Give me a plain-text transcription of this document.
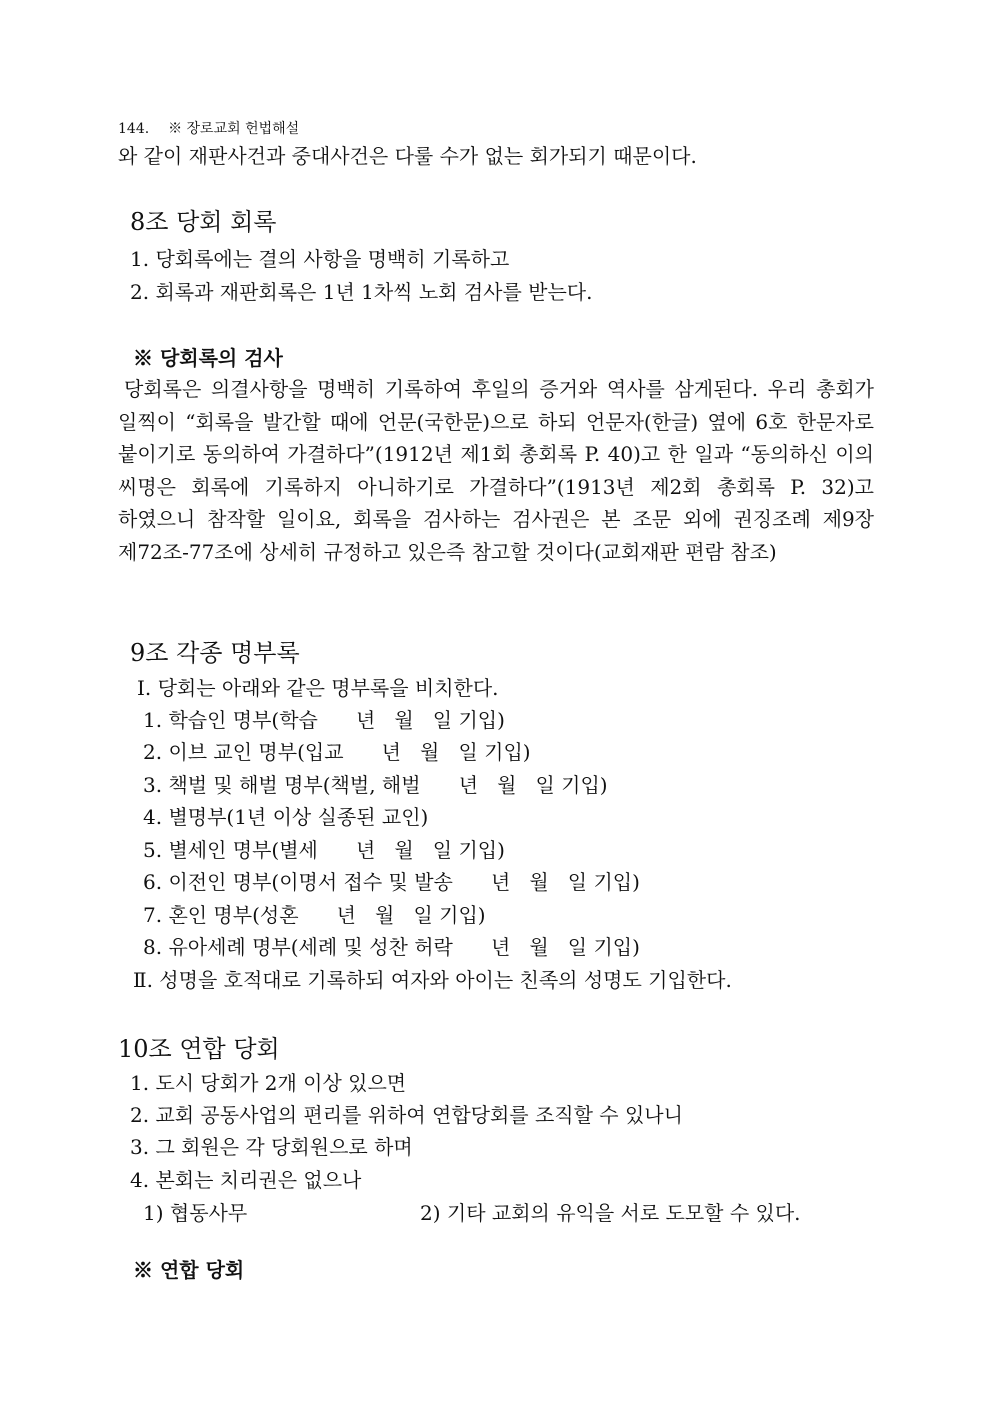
144. ※ 장로교회 헌법해설
와 같이 재판사건과 중대사건은 다룰 수가 없는 회가되기 때문이다.
8조 당회 회록
1. 당회록에는 결의 사항을 명백히 기록하고
2. 회록과 재판회록은 1년 1차씩 노회 검사를 받는다.
※ 당회록의 검사
당회록은 의결사항을 명백히 기록하여 후일의 증거와 역사를 삼게된다. 우리 총회가 일찍이 “회록을 발간할 때에 언문(국한문)으로 하되 언문자(한글) 옆에 6호 한문자로 붙이기로 동의하여 가결하다”(1912년 제1회 총회록 P. 40)고 한 일과 “동의하신 이의 씨명은 회록에 기록하지 아니하기로 가결하다”(1913년 제2회 총회록 P. 32)고 하였으니 참작할 일이요, 회록을 검사하는 검사권은 본 조문 외에 권징조례 제9장 제72조-77조에 상세히 규정하고 있은즉 참고할 것이다(교회재판 편람 참조)
9조 각종 명부록
Ⅰ. 당회는 아래와 같은 명부록을 비치한다.
1. 학습인 명부(학습      년   월   일 기입)
2. 이브 교인 명부(입교      년   월   일 기입)
3. 책벌 및 해벌 명부(책벌, 해벌      년   월   일 기입)
4. 별명부(1년 이상 실종된 교인)
5. 별세인 명부(별세      년   월   일 기입)
6. 이전인 명부(이명서 접수 및 발송      년   월   일 기입)
7. 혼인 명부(성혼      년   월   일 기입)
8. 유아세례 명부(세례 및 성찬 허락      년   월   일 기입)
Ⅱ. 성명을 호적대로 기록하되 여자와 아이는 친족의 성명도 기입한다.
10조 연합 당회
1. 도시 당회가 2개 이상 있으면
2. 교회 공동사업의 편리를 위하여 연합당회를 조직할 수 있나니
3. 그 회원은 각 당회원으로 하며
4. 본회는 치리권은 없으나
1) 협동사무	2) 기타 교회의 유익을 서로 도모할 수 있다.
※ 연합 당회
